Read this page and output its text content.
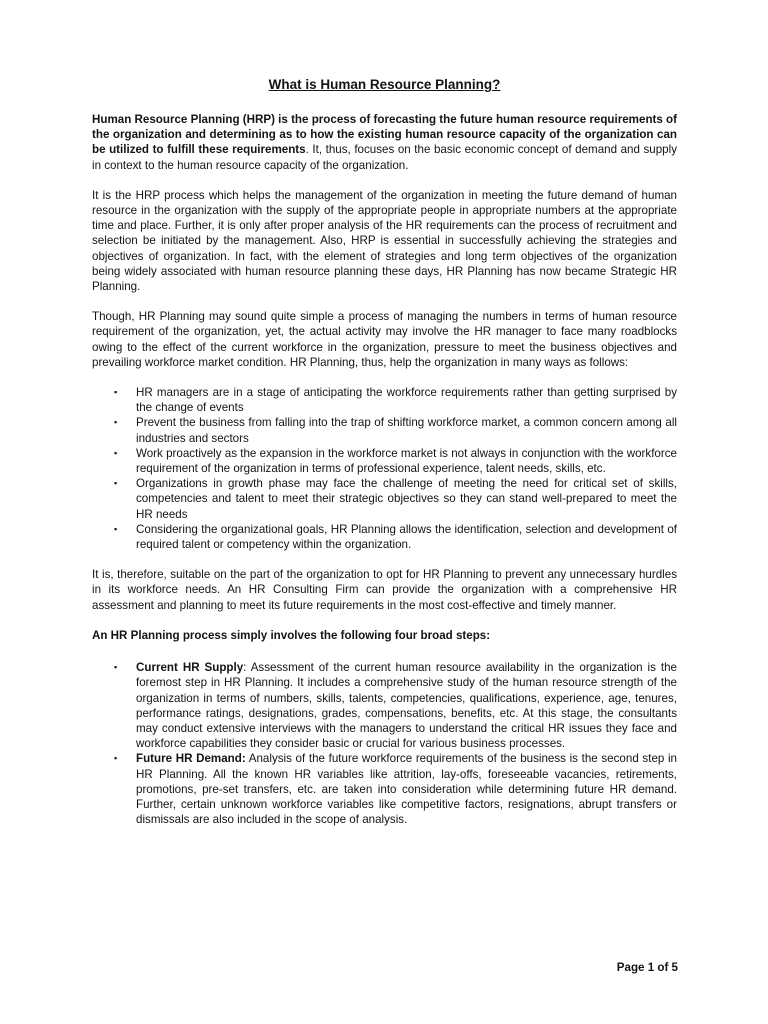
What is Human Resource Planning?

Human Resource Planning (HRP) is the process of forecasting the future human resource requirements of the organization and determining as to how the existing human resource capacity of the organization can be utilized to fulfill these requirements. It, thus, focuses on the basic economic concept of demand and supply in context to the human resource capacity of the organization.

It is the HRP process which helps the management of the organization in meeting the future demand of human resource in the organization with the supply of the appropriate people in appropriate numbers at the appropriate time and place. Further, it is only after proper analysis of the HR requirements can the process of recruitment and selection be initiated by the management. Also, HRP is essential in successfully achieving the strategies and objectives of organization. In fact, with the element of strategies and long term objectives of the organization being widely associated with human resource planning these days, HR Planning has now became Strategic HR Planning.

Though, HR Planning may sound quite simple a process of managing the numbers in terms of human resource requirement of the organization, yet, the actual activity may involve the HR manager to face many roadblocks owing to the effect of the current workforce in the organization, pressure to meet the business objectives and prevailing workforce market condition. HR Planning, thus, help the organization in many ways as follows:

▪ HR managers are in a stage of anticipating the workforce requirements rather than getting surprised by the change of events
▪ Prevent the business from falling into the trap of shifting workforce market, a common concern among all industries and sectors
▪ Work proactively as the expansion in the workforce market is not always in conjunction with the workforce requirement of the organization in terms of professional experience, talent needs, skills, etc.
▪ Organizations in growth phase may face the challenge of meeting the need for critical set of skills, competencies and talent to meet their strategic objectives so they can stand well-prepared to meet the HR needs
▪ Considering the organizational goals, HR Planning allows the identification, selection and development of required talent or competency within the organization.

It is, therefore, suitable on the part of the organization to opt for HR Planning to prevent any unnecessary hurdles in its workforce needs. An HR Consulting Firm can provide the organization with a comprehensive HR assessment and planning to meet its future requirements in the most cost-effective and timely manner.

An HR Planning process simply involves the following four broad steps:

▪ Current HR Supply: Assessment of the current human resource availability in the organization is the foremost step in HR Planning. It includes a comprehensive study of the human resource strength of the organization in terms of numbers, skills, talents, competencies, qualifications, experience, age, tenures, performance ratings, designations, grades, compensations, benefits, etc. At this stage, the consultants may conduct extensive interviews with the managers to understand the critical HR issues they face and workforce capabilities they consider basic or crucial for various business processes.
▪ Future HR Demand: Analysis of the future workforce requirements of the business is the second step in HR Planning. All the known HR variables like attrition, lay-offs, foreseeable vacancies, retirements, promotions, pre-set transfers, etc. are taken into consideration while determining future HR demand. Further, certain unknown workforce variables like competitive factors, resignations, abrupt transfers or dismissals are also included in the scope of analysis.
Page 1 of 5
